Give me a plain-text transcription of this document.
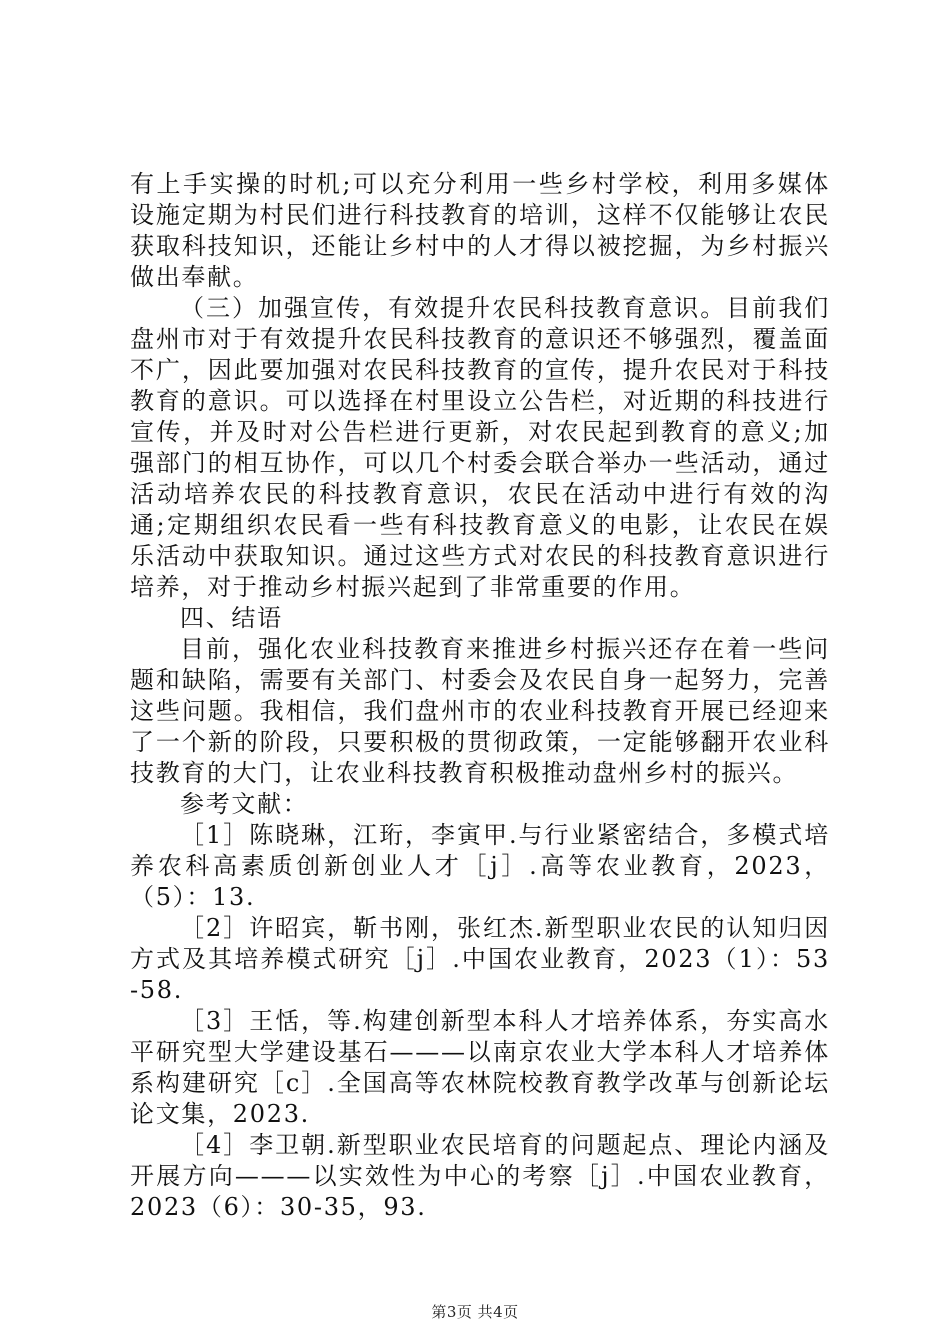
有上手实操的时机;可以充分利用一些乡村学校，利用多媒体设施定期为村民们进行科技教育的培训，这样不仅能够让农民获取科技知识，还能让乡村中的人才得以被挖掘，为乡村振兴做出奉献。

（三）加强宣传，有效提升农民科技教育意识。目前我们盘州市对于有效提升农民科技教育的意识还不够强烈，覆盖面不广，因此要加强对农民科技教育的宣传，提升农民对于科技教育的意识。可以选择在村里设立公告栏，对近期的科技进行宣传，并及时对公告栏进行更新，对农民起到教育的意义;加强部门的相互协作，可以几个村委会联合举办一些活动，通过活动培养农民的科技教育意识，农民在活动中进行有效的沟通;定期组织农民看一些有科技教育意义的电影，让农民在娱乐活动中获取知识。通过这些方式对农民的科技教育意识进行培养，对于推动乡村振兴起到了非常重要的作用。

四、结语

目前，强化农业科技教育来推进乡村振兴还存在着一些问题和缺陷，需要有关部门、村委会及农民自身一起努力，完善这些问题。我相信，我们盘州市的农业科技教育开展已经迎来了一个新的阶段，只要积极的贯彻政策，一定能够翻开农业科技教育的大门，让农业科技教育积极推动盘州乡村的振兴。

参考文献：

［1］陈晓琳，江珩，李寅甲.与行业紧密结合，多模式培养农科高素质创新创业人才［j］.高等农业教育，2023，（5）：13.

［2］许昭宾，靳书刚，张红杰.新型职业农民的认知归因方式及其培养模式研究［j］.中国农业教育，2023（1）：53-58.

［3］王恬，等.构建创新型本科人才培养体系，夯实高水平研究型大学建设基石———以南京农业大学本科人才培养体系构建研究［c］.全国高等农林院校教育教学改革与创新论坛论文集，2023.

［4］李卫朝.新型职业农民培育的问题起点、理论内涵及开展方向———以实效性为中心的考察［j］.中国农业教育，2023（6）：30-35，93.

第3页 共4页
